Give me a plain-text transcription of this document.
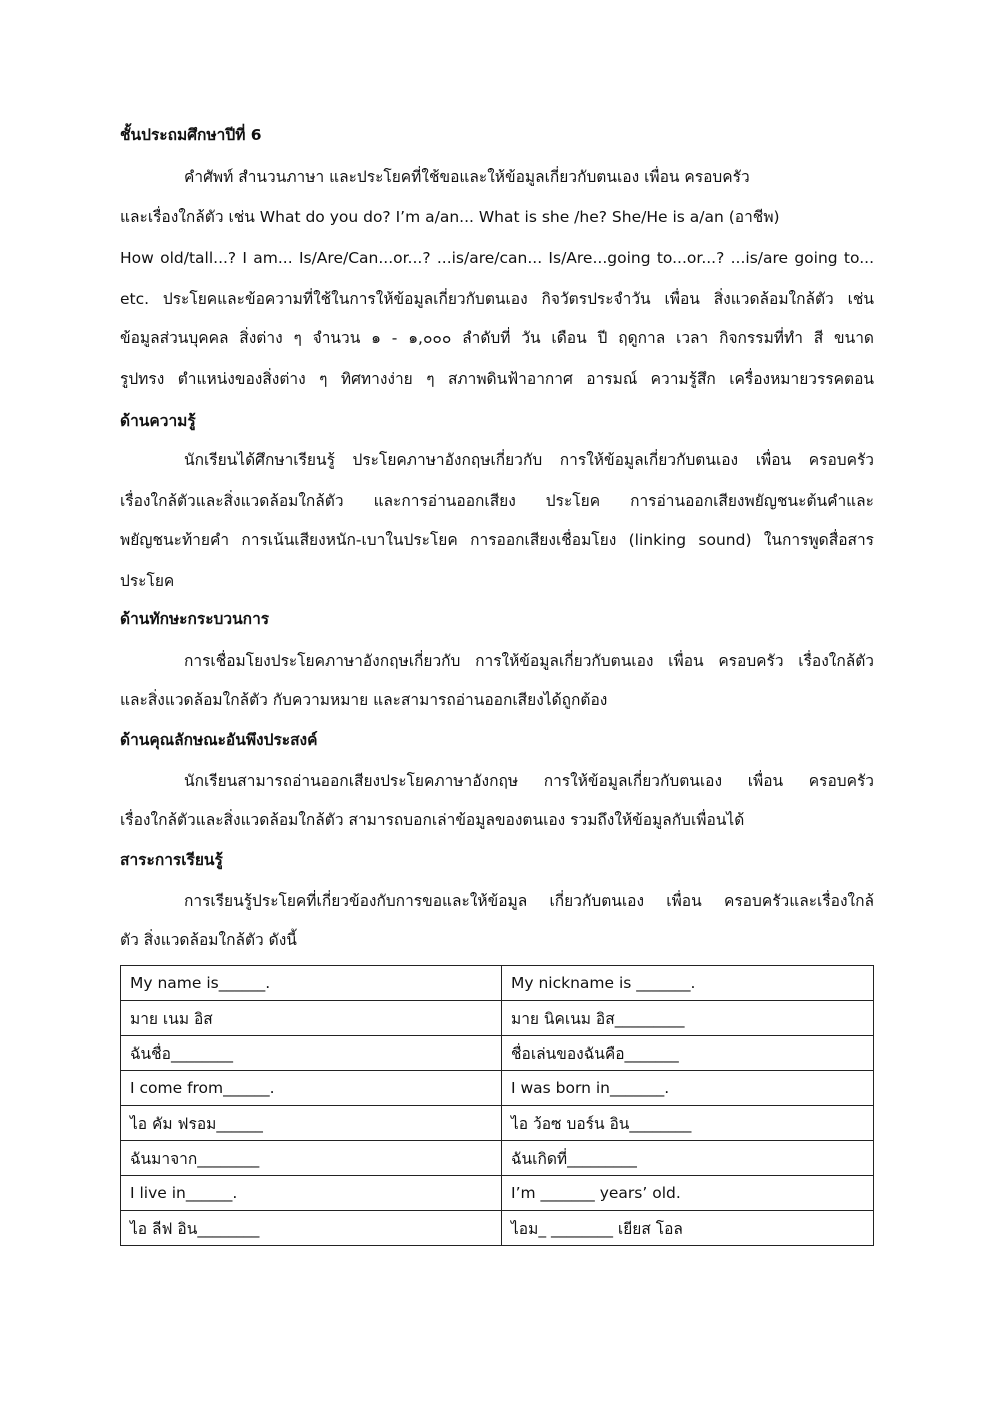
ชั้นประถมศึกษาปีที่ 6
คำศัพท์ สำนวนภาษา และประโยคที่ใช้ขอและให้ข้อมูลเกี่ยวกับตนเอง เพื่อน ครอบครัว
และเรื่องใกล้ตัว เช่น What do you do? I’m a/an... What is she /he? She/He is a/an (อาชีพ)
How old/tall...? I am... Is/Are/Can...or...? ...is/are/can... Is/Are...going to...or...? ...is/are going to...
etc. ประโยคและข้อความที่ใช้ในการให้ข้อมูลเกี่ยวกับตนเอง กิจวัตรประจำวัน เพื่อน สิ่งแวดล้อมใกล้ตัว เช่น
ข้อมูลส่วนบุคคล สิ่งต่าง ๆ จำนวน ๑ - ๑,๐๐๐ ลำดับที่ วัน เดือน ปี ฤดูกาล เวลา กิจกรรมที่ทำ สี ขนาด
รูปทรง ตำแหน่งของสิ่งต่าง ๆ ทิศทางง่าย ๆ สภาพดินฟ้าอากาศ อารมณ์ ความรู้สึก เครื่องหมายวรรคตอน
ด้านความรู้
นักเรียนได้ศึกษาเรียนรู้ ประโยคภาษาอังกฤษเกี่ยวกับ การให้ข้อมูลเกี่ยวกับตนเอง เพื่อน ครอบครัว
เรื่องใกล้ตัวและสิ่งแวดล้อมใกล้ตัว และการอ่านออกเสียง ประโยค การอ่านออกเสียงพยัญชนะต้นคำและ
พยัญชนะท้ายคำ การเน้นเสียงหนัก-เบาในประโยค การออกเสียงเชื่อมโยง (linking sound) ในการพูดสื่อสาร
ประโยค
ด้านทักษะกระบวนการ
การเชื่อมโยงประโยคภาษาอังกฤษเกี่ยวกับ การให้ข้อมูลเกี่ยวกับตนเอง เพื่อน ครอบครัว เรื่องใกล้ตัว
และสิ่งแวดล้อมใกล้ตัว กับความหมาย และสามารถอ่านออกเสียงได้ถูกต้อง
ด้านคุณลักษณะอันพึงประสงค์
นักเรียนสามารถอ่านออกเสียงประโยคภาษาอังกฤษ การให้ข้อมูลเกี่ยวกับตนเอง เพื่อน ครอบครัว
เรื่องใกล้ตัวและสิ่งแวดล้อมใกล้ตัว สามารถบอกเล่าข้อมูลของตนเอง รวมถึงให้ข้อมูลกับเพื่อนได้
สาระการเรียนรู้
การเรียนรู้ประโยคที่เกี่ยวข้องกับการขอและให้ข้อมูล เกี่ยวกับตนเอง เพื่อน ครอบครัวและเรื่องใกล้
ตัว สิ่งแวดล้อมใกล้ตัว ดังนี้
My name is______.	My nickname is _______.
มาย เนม อิส	มาย นิคเนม อิส_________
ฉันชื่อ________	ชื่อเล่นของฉันคือ_______
I come from______.	I was born in_______.
ไอ คัม ฟรอม______	ไอ ว้อซ บอร์น อิน________
ฉันมาจาก________	ฉันเกิดที่_________
I live in______.	I’m _______ years’ old.
ไอ ลีฟ อิน________	ไอม_ ________ เยียส โอล
